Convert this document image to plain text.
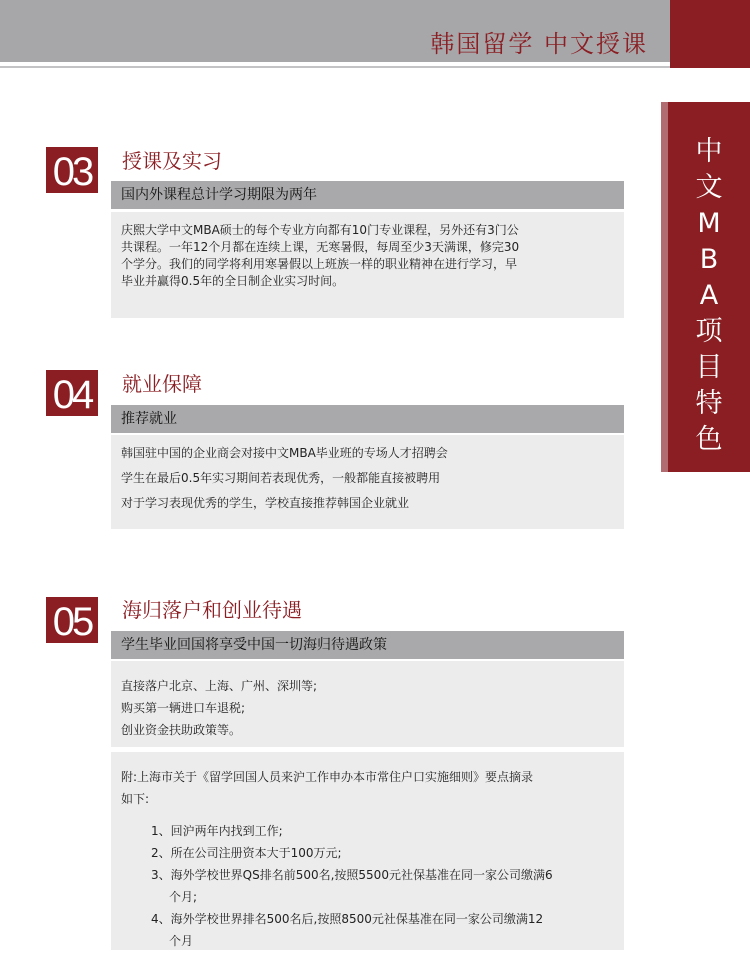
韩国留学 中文授课
中
文
M
B
A
项
目
特
色
03	授课及实习
国内外课程总计学习期限为两年
庆熙大学中文MBA硕士的每个专业方向都有10门专业课程，另外还有3门公
共课程。一年12个月都在连续上课，无寒暑假，每周至少3天满课，修完30
个学分。我们的同学将利用寒暑假以上班族一样的职业精神在进行学习，早
毕业并赢得0.5年的全日制企业实习时间。
04	就业保障
推荐就业
韩国驻中国的企业商会对接中文MBA毕业班的专场人才招聘会
学生在最后0.5年实习期间若表现优秀，一般都能直接被聘用
对于学习表现优秀的学生，学校直接推荐韩国企业就业
05	海归落户和创业待遇
学生毕业回国将享受中国一切海归待遇政策
直接落户北京、上海、广州、深圳等;
购买第一辆进口车退税;
创业资金扶助政策等。
附:上海市关于《留学回国人员来沪工作申办本市常住户口实施细则》要点摘录
如下:
1、回沪两年内找到工作;
2、所在公司注册资本大于100万元;
3、海外学校世界QS排名前500名,按照5500元社保基准在同一家公司缴满6
个月;
4、海外学校世界排名500名后,按照8500元社保基准在同一家公司缴满12
个月
